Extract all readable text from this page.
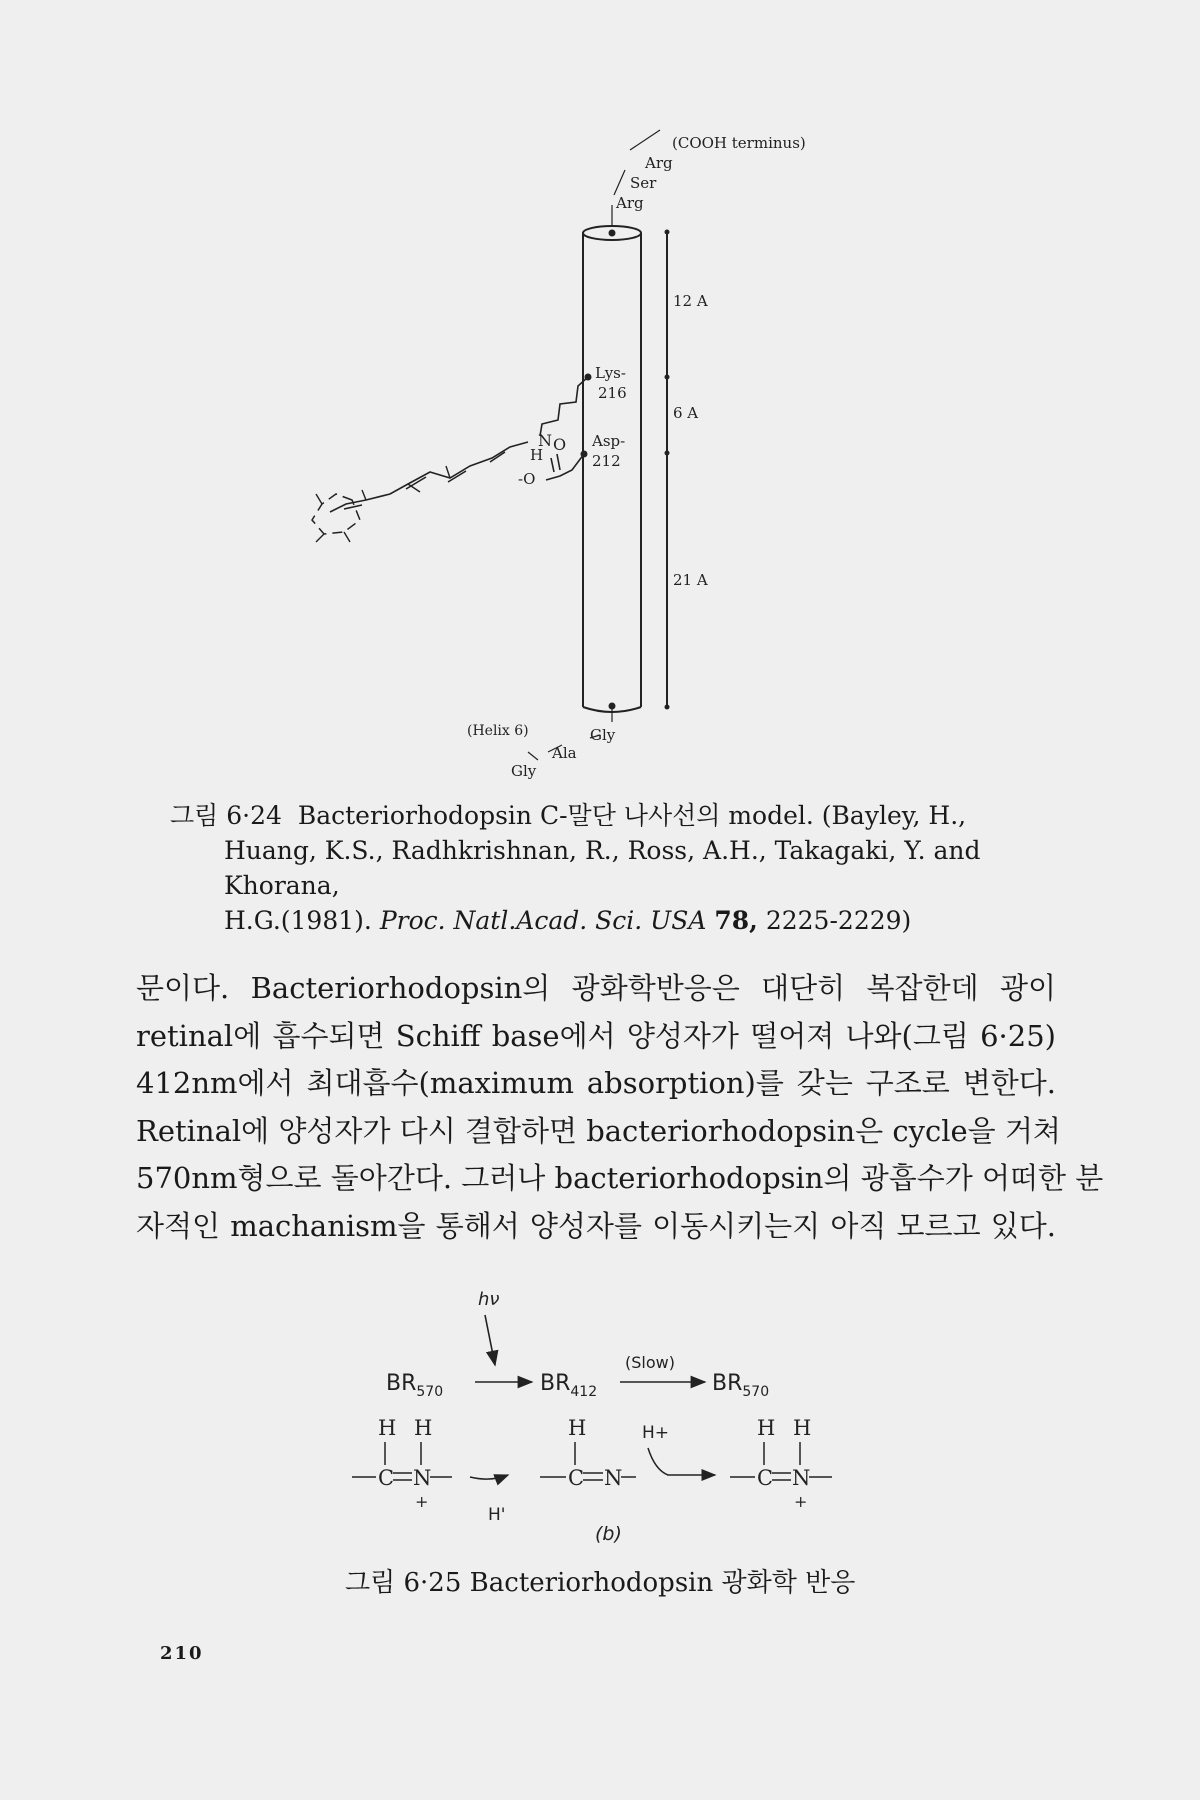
(COOH terminus)
Arg
Ser
Arg
12 A
6 A
21 A
Lys-
216
Asp-
212
N
H
O
-O
(Helix 6)	Gly
Ala
Gly
그림 6·24 Bacteriorhodopsin C-말단 나사선의 model. (Bayley, H.,
Huang, K.S., Radhkrishnan, R., Ross, A.H., Takagaki, Y. and Khorana,
H.G.(1981). Proc. Natl.Acad. Sci. USA 78, 2225-2229)
문이다. Bacteriorhodopsin의 광화학반응은 대단히 복잡한데 광이
retinal에 흡수되면 Schiff base에서 양성자가 떨어져 나와(그림 6·25)
412nm에서 최대흡수(maximum absorption)를 갖는 구조로 변한다.
Retinal에 양성자가 다시 결합하면 bacteriorhodopsin은 cycle을 거쳐
570nm형으로 돌아간다. 그러나 bacteriorhodopsin의 광흡수가 어떠한 분
자적인 machanism을 통해서 양성자를 이동시키는지 아직 모르고 있다.
hν
$BR_{570}$	$BR_{412}$
(Slow)
$BR_{570}$
H H
C N
+
H'
H
C N
H+	H H
C N
+
(b)
그림 6·25 Bacteriorhodopsin 광화학 반응
210
